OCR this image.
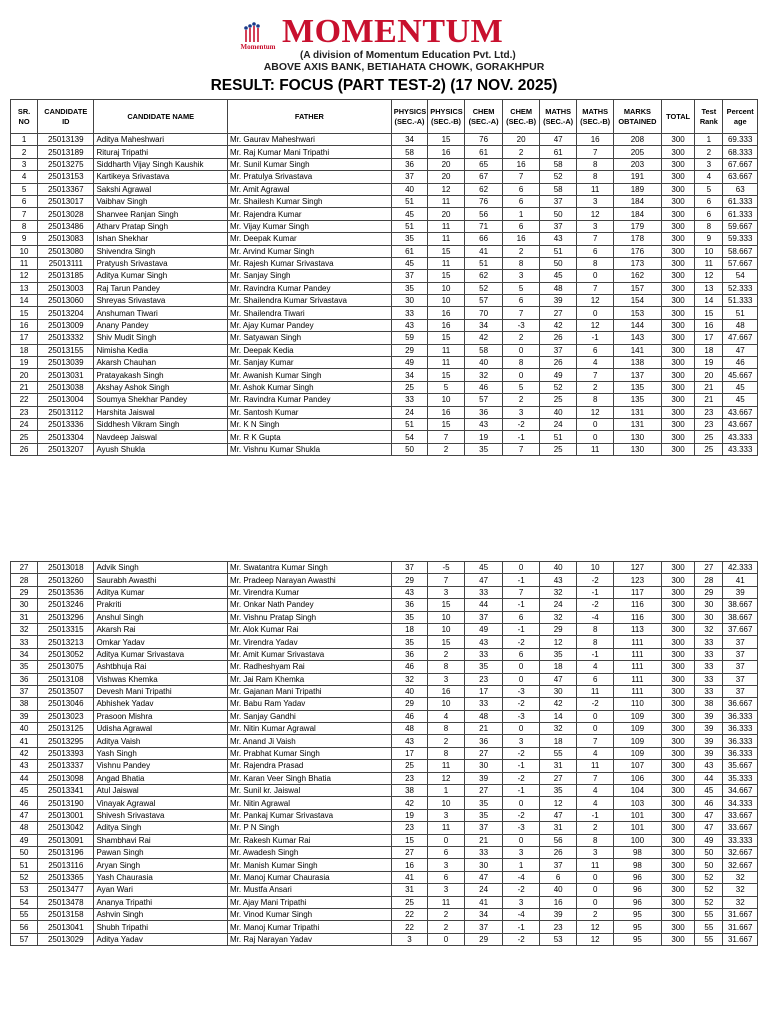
Momentum MOMENTUM
(A division of Momentum Education Pvt. Ltd.)
ABOVE AXIS BANK, BETIAHATA CHOWK, GORAKHPUR
RESULT: FOCUS (PART TEST-2) (17 NOV. 2025)
SR. NO	CANDIDATE ID	CANDIDATE NAME	FATHER	PHYSICS (SEC.-A)	PHYSICS (SEC.-B)	CHEM (SEC.-A)	CHEM (SEC.-B)	MATHS (SEC.-A)	MATHS (SEC.-B)	MARKS OBTAINED	TOTAL	Test Rank	Percent age
1	25013139	Aditya Maheshwari	Mr. Gaurav Maheshwari	34	15	76	20	47	16	208	300	1	69.333
2	25013189	Rituraj Tripathi	Mr. Raj Kumar Mani Tripathi	58	16	61	2	61	7	205	300	2	68.333
3	25013275	Siddharth Vijay Singh Kaushik	Mr. Sunil Kumar Singh	36	20	65	16	58	8	203	300	3	67.667
4	25013153	Kartikeya Srivastava	Mr. Pratulya Srivastava	37	20	67	7	52	8	191	300	4	63.667
5	25013367	Sakshi Agrawal	Mr. Amit Agrawal	40	12	62	6	58	11	189	300	5	63
6	25013017	Vaibhav Singh	Mr. Shailesh Kumar Singh	51	11	76	6	37	3	184	300	6	61.333
7	25013028	Shanvee Ranjan Singh	Mr. Rajendra Kumar	45	20	56	1	50	12	184	300	6	61.333
8	25013486	Atharv Pratap Singh	Mr. Vijay Kumar Singh	51	11	71	6	37	3	179	300	8	59.667
9	25013083	Ishan Shekhar	Mr. Deepak Kumar	35	11	66	16	43	7	178	300	9	59.333
10	25013080	Shivendra Singh	Mr. Arvind Kumar Singh	61	15	41	2	51	6	176	300	10	58.667
11	25013111	Pratyush Srivastava	Mr. Rajesh Kumar Srivastava	45	11	51	8	50	8	173	300	11	57.667
12	25013185	Aditya Kumar Singh	Mr. Sanjay Singh	37	15	62	3	45	0	162	300	12	54
13	25013003	Raj Tarun Pandey	Mr. Ravindra Kumar Pandey	35	10	52	5	48	7	157	300	13	52.333
14	25013060	Shreyas Srivastava	Mr. Shailendra Kumar Srivastava	30	10	57	6	39	12	154	300	14	51.333
15	25013204	Anshuman Tiwari	Mr. Shailendra Tiwari	33	16	70	7	27	0	153	300	15	51
16	25013009	Anany Pandey	Mr. Ajay Kumar Pandey	43	16	34	-3	42	12	144	300	16	48
17	25013332	Shiv Mudit Singh	Mr. Satyawan Singh	59	15	42	2	26	-1	143	300	17	47.667
18	25013155	Nimisha Kedia	Mr. Deepak Kedia	29	11	58	0	37	6	141	300	18	47
19	25013039	Akarsh Chauhan	Mr. Sanjay Kumar	49	11	40	8	26	4	138	300	19	46
20	25013031	Pratayakash Singh	Mr. Awanish Kumar Singh	34	15	32	0	49	7	137	300	20	45.667
21	25013038	Akshay Ashok Singh	Mr. Ashok Kumar Singh	25	5	46	5	52	2	135	300	21	45
22	25013004	Soumya Shekhar Pandey	Mr. Ravindra Kumar Pandey	33	10	57	2	25	8	135	300	21	45
23	25013112	Harshita Jaiswal	Mr. Santosh Kumar	24	16	36	3	40	12	131	300	23	43.667
24	25013336	Siddhesh Vikram Singh	Mr. K N Singh	51	15	43	-2	24	0	131	300	23	43.667
25	25013304	Navdeep Jaiswal	Mr. R K Gupta	54	7	19	-1	51	0	130	300	25	43.333
26	25013207	Ayush Shukla	Mr. Vishnu Kumar Shukla	50	2	35	7	25	11	130	300	25	43.333
27	25013018	Advik Singh	Mr. Swatantra Kumar Singh	37	-5	45	0	40	10	127	300	27	42.333
28	25013260	Saurabh Awasthi	Mr. Pradeep Narayan Awasthi	29	7	47	-1	43	-2	123	300	28	41
29	25013536	Aditya Kumar	Mr. Virendra Kumar	43	3	33	7	32	-1	117	300	29	39
30	25013246	Prakriti	Mr. Onkar Nath Pandey	36	15	44	-1	24	-2	116	300	30	38.667
31	25013296	Anshul Singh	Mr. Vishnu Pratap Singh	35	10	37	6	32	-4	116	300	30	38.667
32	25013315	Akarsh Rai	Mr. Alok Kumar Rai	18	10	49	-1	29	8	113	300	32	37.667
33	25013213	Omkar Yadav	Mr. Virendra Yadav	35	15	43	-2	12	8	111	300	33	37
34	25013052	Aditya Kumar Srivastava	Mr. Amit Kumar Srivastava	36	2	33	6	35	-1	111	300	33	37
35	25013075	Ashtbhuja Rai	Mr. Radheshyam Rai	46	8	35	0	18	4	111	300	33	37
36	25013108	Vishwas Khemka	Mr. Jai Ram Khemka	32	3	23	0	47	6	111	300	33	37
37	25013507	Devesh Mani Tripathi	Mr. Gajanan Mani Tripathi	40	16	17	-3	30	11	111	300	33	37
38	25013046	Abhishek Yadav	Mr. Babu Ram Yadav	29	10	33	-2	42	-2	110	300	38	36.667
39	25013023	Prasoon Mishra	Mr. Sanjay Gandhi	46	4	48	-3	14	0	109	300	39	36.333
40	25013125	Udisha Agrawal	Mr. Nitin Kumar Agrawal	48	8	21	0	32	0	109	300	39	36.333
41	25013295	Aditya Vaish	Mr. Anand Ji Vaish	43	2	36	3	18	7	109	300	39	36.333
42	25013393	Yash Singh	Mr. Prabhat Kumar Singh	17	8	27	-2	55	4	109	300	39	36.333
43	25013337	Vishnu Pandey	Mr. Rajendra Prasad	25	11	30	-1	31	11	107	300	43	35.667
44	25013098	Angad Bhatia	Mr. Karan Veer Singh Bhatia	23	12	39	-2	27	7	106	300	44	35.333
45	25013341	Atul Jaiswal	Mr. Sunil kr. Jaiswal	38	1	27	-1	35	4	104	300	45	34.667
46	25013190	Vinayak Agrawal	Mr. Nitin Agrawal	42	10	35	0	12	4	103	300	46	34.333
47	25013001	Shivesh Srivastava	Mr. Pankaj Kumar Srivastava	19	3	35	-2	47	-1	101	300	47	33.667
48	25013042	Aditya Singh	Mr. P N Singh	23	11	37	-3	31	2	101	300	47	33.667
49	25013091	Shambhavi Rai	Mr. Rakesh Kumar Rai	15	0	21	0	56	8	100	300	49	33.333
50	25013196	Pawan Singh	Mr. Awadesh Singh	27	6	33	3	26	3	98	300	50	32.667
51	25013116	Aryan Singh	Mr. Manish Kumar Singh	16	3	30	1	37	11	98	300	50	32.667
52	25013365	Yash Chaurasia	Mr. Manoj Kumar Chaurasia	41	6	47	-4	6	0	96	300	52	32
53	25013477	Ayan Wari	Mr. Mustfa Ansari	31	3	24	-2	40	0	96	300	52	32
54	25013478	Ananya Tripathi	Mr. Ajay Mani Tripathi	25	11	41	3	16	0	96	300	52	32
55	25013158	Ashvin Singh	Mr. Vinod Kumar Singh	22	2	34	-4	39	2	95	300	55	31.667
56	25013041	Shubh Tripathi	Mr. Manoj Kumar Tripathi	22	2	37	-1	23	12	95	300	55	31.667
57	25013029	Aditya Yadav	Mr. Raj Narayan Yadav	3	0	29	-2	53	12	95	300	55	31.667
